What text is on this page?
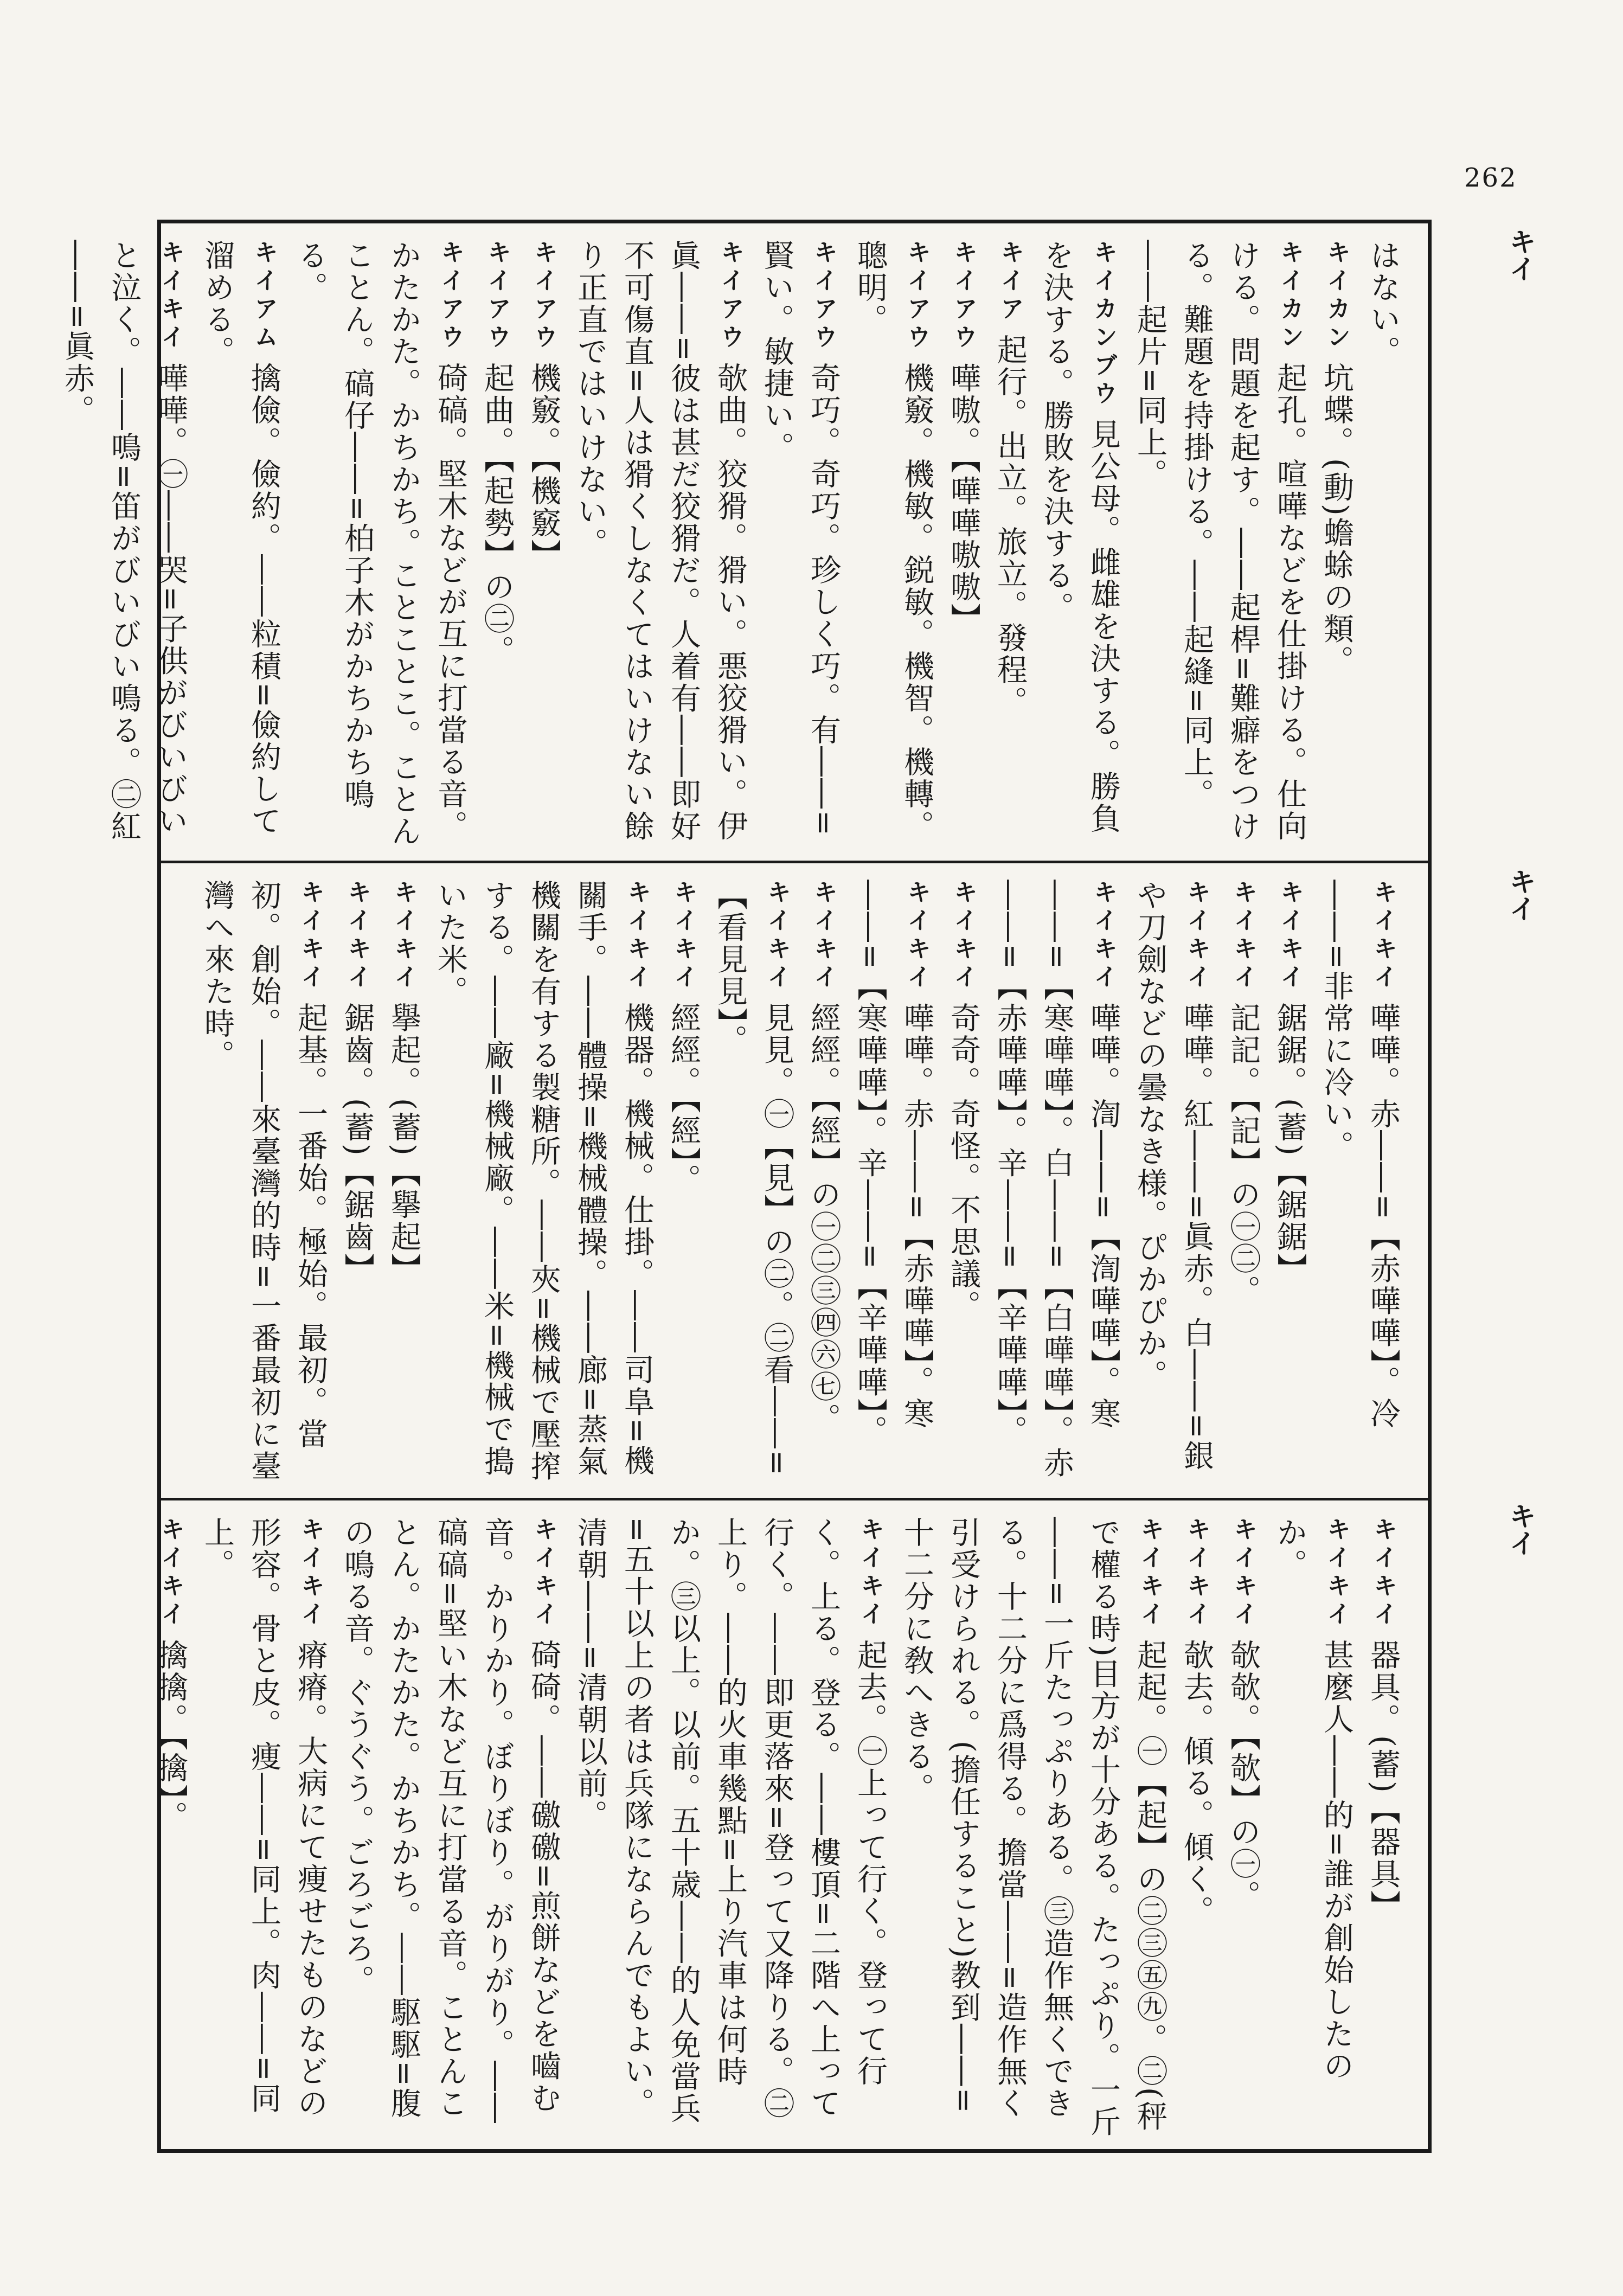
262
キイ
キイ
キイ
はない。
キイカン坑蝶。(動)蟾蜍の類。
キイカン起孔。喧嘩などを仕掛ける。仕向ける。問題を起す。――起桿=難癖をつける。難題を持掛ける。――起縫=同上。――起片=同上。
キイカンブウ見公母。雌雄を決する。勝負を決する。勝敗を決する。
キイア起行。出立。旅立。發程。
キイアウ嘩嗷。【嘩嘩嗷嗷】
キイアウ機竅。機敏。鋭敏。機智。機轉。聰明。
キイアウ奇巧。奇巧。珍しく巧。有――=賢い。敏捷い。
キイアウ欹曲。狡猾。猾い。悪狡猾い。伊眞――=彼は甚だ狡猾だ。人着有――即好不可傷直=人は猾くしなくてはいけない餘り正直ではいけない。
キイアウ機竅。【機竅】
キイアウ起曲。【起勢】の㊁。
キイアウ碕碻。堅木などが互に打當る音。かたかた。かちかち。ことことこ。ことんことん。碻仔――=柏子木がかちかち鳴る。
キイアム擒儉。儉約。――粒積=儉約して溜める。
キイキイ嘩嘩。㊀――哭=子供がびいびいと泣く。――鳴=笛がびいびい鳴る。㊁紅――=眞赤。
キイキイ嘩嘩。赤――=【赤嘩嘩】。冷――=非常に冷い。
キイキイ鋸鋸。(蓄)【鋸鋸】
キイキイ記記。【記】の㊀㊁。
キイキイ嘩嘩。紅――=眞赤。白――=銀や刀劍などの曇なき様。ぴかぴか。
キイキイ嘩嘩。渹――=【渹嘩嘩】。寒――=【寒嘩嘩】。白――=【白嘩嘩】。赤――=【赤嘩嘩】。辛――=【辛嘩嘩】。
キイキイ奇奇。奇怪。不思議。
キイキイ嘩嘩。赤――=【赤嘩嘩】。寒――=【寒嘩嘩】。辛――=【辛嘩嘩】。
キイキイ經經。【經】の㊀㊁㊂㊃㊅㊆。
キイキイ見見。㊀【見】の㊁。㊁看――=【看見見】。
キイキイ經經。【經】。
キイキイ機器。機械。仕掛。――司阜=機關手。――體操=機械體操。――廊=蒸氣機關を有する製糖所。――夾=機械で壓搾する。――廠=機械廠。――米=機械で搗いた米。
キイキイ擧起。(蓄)【擧起】
キイキイ鋸齒。(蓄)【鋸齒】
キイキイ起基。一番始。極始。最初。當初。創始。――來臺灣的時=一番最初に臺灣へ來た時。
キイキイ器具。(蓄)【器具】
キイキイ甚麼人――的=誰が創始したのか。
キイキイ欹欹。【欹】の㊀。
キイキイ欹去。傾る。傾く。
キイキイ起起。㊀【起】の㊁㊂㊄㊈。㊁(秤で權る時)目方が十分ある。たっぷり。一斤――=一斤たっぷりある。㊂造作無くできる。十二分に爲得る。擔當――=造作無く引受けられる。(擔任すること)教到――=十二分に敎へきる。
キイキイ起去。㊀上って行く。登って行く。上る。登る。――樓頂=二階へ上って行く。――即更落來=登って又降りる。㊁上り。――的火車幾點=上り汽車は何時か。㊂以上。以前。五十歳――的人免當兵=五十以上の者は兵隊にならんでもよい。清朝――=清朝以前。
キイキイ碕碕。――礉礉=煎餅などを嚙む音。かりかり。ぼりぼり。がりがり。――碻碻=堅い木など互に打當る音。ことんことん。かたかた。かちかち。――駆駆=腹の鳴る音。ぐうぐう。ごろごろ。
キイキイ瘠瘠。大病にて痩せたものなどの形容。骨と皮。痩――=同上。肉――=同上。
キイキイ擒擒。【擒】。
